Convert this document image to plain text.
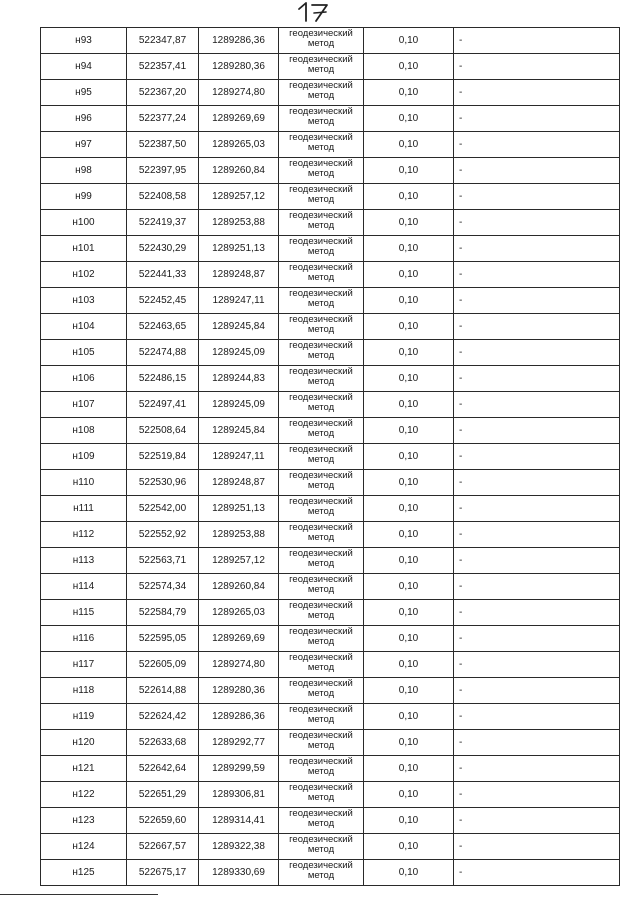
н93	522347,87	1289286,36	геодезический метод	0,10	-
н94	522357,41	1289280,36	геодезический метод	0,10	-
н95	522367,20	1289274,80	геодезический метод	0,10	-
н96	522377,24	1289269,69	геодезический метод	0,10	-
н97	522387,50	1289265,03	геодезический метод	0,10	-
н98	522397,95	1289260,84	геодезический метод	0,10	-
н99	522408,58	1289257,12	геодезический метод	0,10	-
н100	522419,37	1289253,88	геодезический метод	0,10	-
н101	522430,29	1289251,13	геодезический метод	0,10	-
н102	522441,33	1289248,87	геодезический метод	0,10	-
н103	522452,45	1289247,11	геодезический метод	0,10	-
н104	522463,65	1289245,84	геодезический метод	0,10	-
н105	522474,88	1289245,09	геодезический метод	0,10	-
н106	522486,15	1289244,83	геодезический метод	0,10	-
н107	522497,41	1289245,09	геодезический метод	0,10	-
н108	522508,64	1289245,84	геодезический метод	0,10	-
н109	522519,84	1289247,11	геодезический метод	0,10	-
н110	522530,96	1289248,87	геодезический метод	0,10	-
н111	522542,00	1289251,13	геодезический метод	0,10	-
н112	522552,92	1289253,88	геодезический метод	0,10	-
н113	522563,71	1289257,12	геодезический метод	0,10	-
н114	522574,34	1289260,84	геодезический метод	0,10	-
н115	522584,79	1289265,03	геодезический метод	0,10	-
н116	522595,05	1289269,69	геодезический метод	0,10	-
н117	522605,09	1289274,80	геодезический метод	0,10	-
н118	522614,88	1289280,36	геодезический метод	0,10	-
н119	522624,42	1289286,36	геодезический метод	0,10	-
н120	522633,68	1289292,77	геодезический метод	0,10	-
н121	522642,64	1289299,59	геодезический метод	0,10	-
н122	522651,29	1289306,81	геодезический метод	0,10	-
н123	522659,60	1289314,41	геодезический метод	0,10	-
н124	522667,57	1289322,38	геодезический метод	0,10	-
н125	522675,17	1289330,69	геодезический метод	0,10	-
